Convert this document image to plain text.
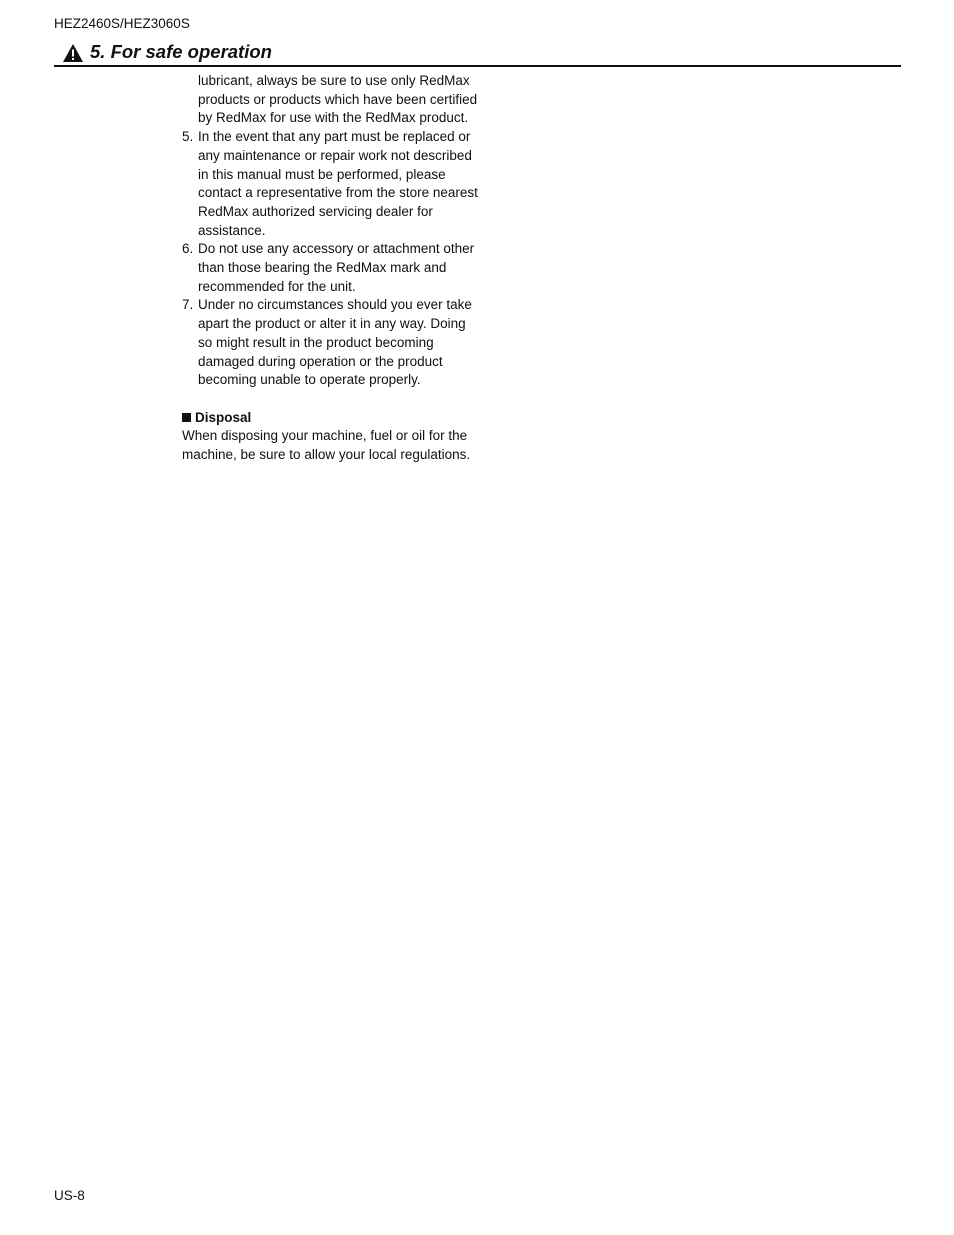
HEZ2460S/HEZ3060S
5. For safe operation
lubricant, always be sure to use only RedMax products or products which have been certified by RedMax for use with the RedMax product.
5. In the event that any part must be replaced or any maintenance or repair work not described in this manual must be performed, please contact a representative from the store nearest RedMax authorized servicing dealer for assistance.
6. Do not use any accessory or attachment other than those bearing the RedMax mark and recommended for the unit.
7. Under no circumstances should you ever take apart the product or alter it in any way. Doing so might result in the product becoming damaged during operation or the product becoming unable to operate properly.
Disposal
When disposing your machine, fuel or oil for the machine, be sure to allow your local regulations.
US-8
